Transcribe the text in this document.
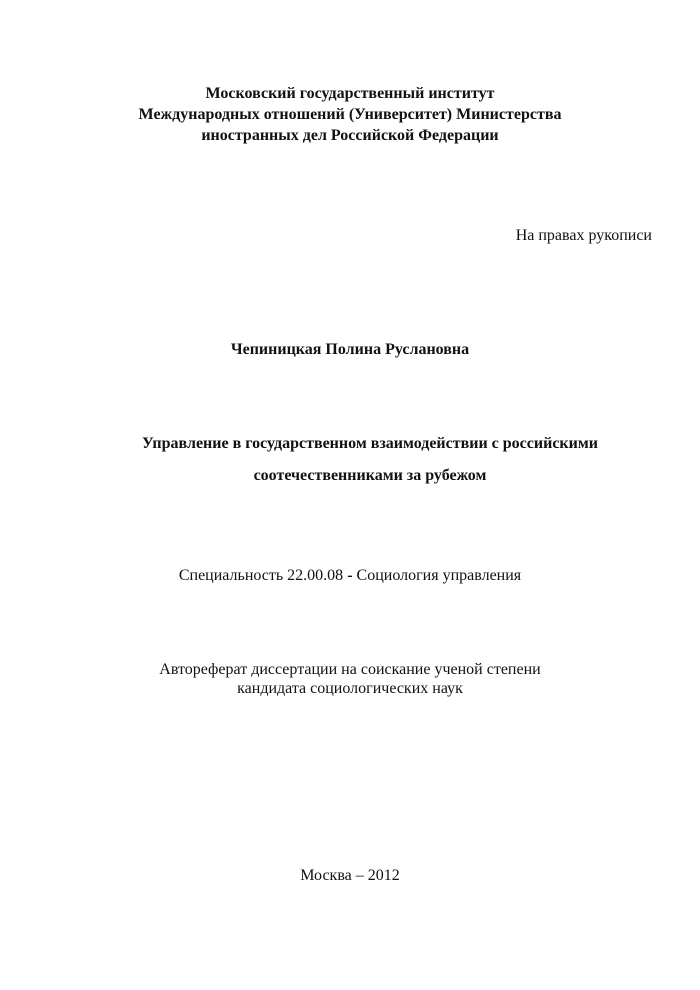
Московский государственный институт
Международных отношений (Университет) Министерства
иностранных дел Российской Федерации
На правах рукописи
Чепиницкая Полина Руслановна
Управление в государственном взаимодействии с российскими
соотечественниками за рубежом
Специальность 22.00.08 - Социология управления
Автореферат диссертации на соискание ученой степени
кандидата социологических наук
Москва – 2012
